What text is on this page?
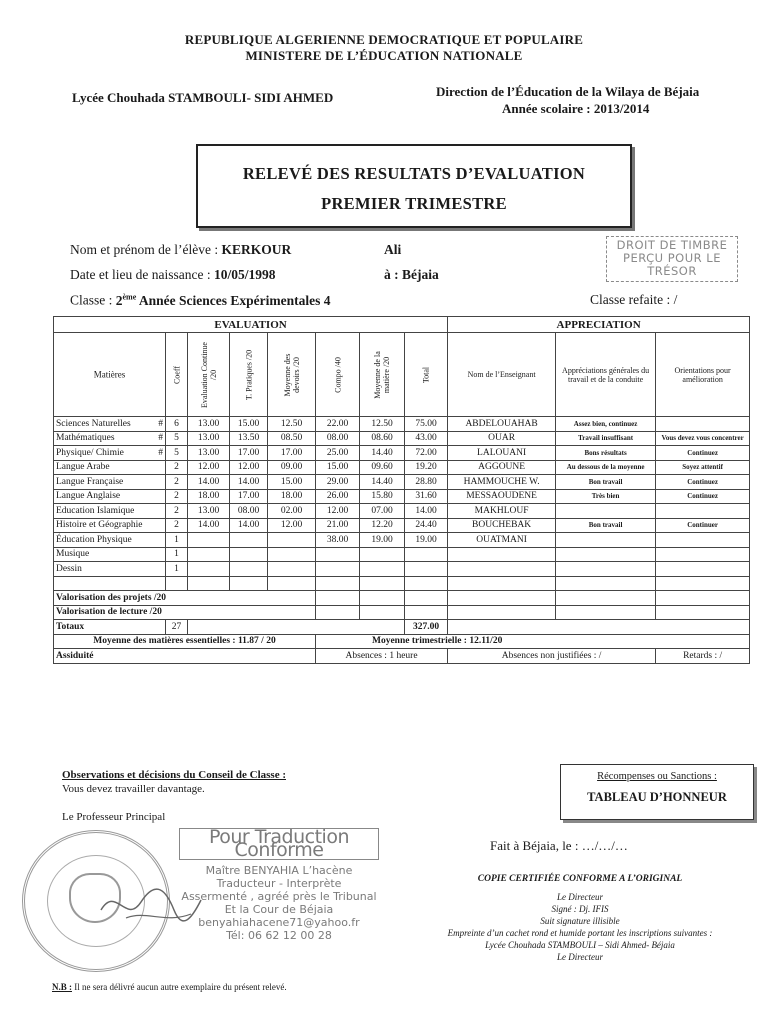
REPUBLIQUE ALGERIENNE DEMOCRATIQUE ET POPULAIRE
MINISTERE DE L’ÉDUCATION NATIONALE
Lycée Chouhada STAMBOULI- SIDI AHMED	Direction de l’Éducation de la Wilaya de Béjaia
Année scolaire : 2013/2014
RELEVÉ DES RESULTATS D’EVALUATION
PREMIER TRIMESTRE
DROIT DE TIMBRE
PERÇU POUR LE
TRÉSOR
Nom et prénom de l’élève : KERKOUR	Ali
Date et lieu de naissance : 10/05/1998	à : Béjaia
Classe : 2ème Année Sciences Expérimentales 4	Classe refaite : /
EVALUATION								APPRECIATION		

Matières	Coeff	Evaluation Continue /20	T. Pratiques /20	Moyenne des devoirs /20	Compo /40	Moyenne de la matière /20	Total	Nom de l’Enseignant	Appréciations générales du travail et de la conduite	Orientations pour amélioration
Sciences Naturelles #	6	13.00	15.00	12.50	22.00	12.50	75.00	ABDELOUAHAB	Assez bien, continuez	
Mathématiques #	5	13.00	13.50	08.50	08.00	08.60	43.00	OUAR	Travail insuffisant	Vous devez vous concentrer
Physique/ Chimie #	5	13.00	17.00	17.00	25.00	14.40	72.00	LALOUANI	Bons résultats	Continuez
Langue Arabe	2	12.00	12.00	09.00	15.00	09.60	19.20	AGGOUNE	Au dessous de la moyenne	Soyez attentif
Langue Française	2	14.00	14.00	15.00	29.00	14.40	28.80	HAMMOUCHE W.	Bon travail	Continuez
Langue Anglaise	2	18.00	17.00	18.00	26.00	15.80	31.60	MESSAOUDENE	Très bien	Continuez
Education Islamique	2	13.00	08.00	02.00	12.00	07.00	14.00	MAKHLOUF		
Histoire et Géographie	2	14.00	14.00	12.00	21.00	12.20	24.40	BOUCHEBAK	Bon travail	Continuer
Éducation Physique	1				38.00	19.00	19.00	OUATMANI		
Musique	1									
Dessin	1									

Valorisation des projets /20										
Valorisation de lecture /20										
Totaux	27						327.00			
Moyenne des matières essentielles : 11.87 / 20					Moyenne trimestrielle : 12.11/20					
Assiduité					Absences : 1 heure			Absences non justifiées : /		Retards : /
Observations et décisions du Conseil de Classe :
Vous devez travailler davantage.
Le Professeur Principal
Récompenses ou Sanctions :
TABLEAU D’HONNEUR
Fait à Béjaia, le : …/…/…
Pour Traduction Conforme
Maître BENYAHIA L’hacène
Traducteur - Interprète
Assermenté , agréé près le Tribunal
Et la Cour de Béjaia
benyahiahacene71@yahoo.fr
Tél: 06 62 12 00 28
COPIE CERTIFIÉE CONFORME A L’ORIGINAL
Le Directeur
Signé : Dj. IFIS
Suit signature illisible
Empreinte d’un cachet rond et humide portant les inscriptions suivantes :
Lycée Chouhada STAMBOULI – Sidi Ahmed- Béjaia
Le Directeur
N.B : Il ne sera délivré aucun autre exemplaire du présent relevé.
